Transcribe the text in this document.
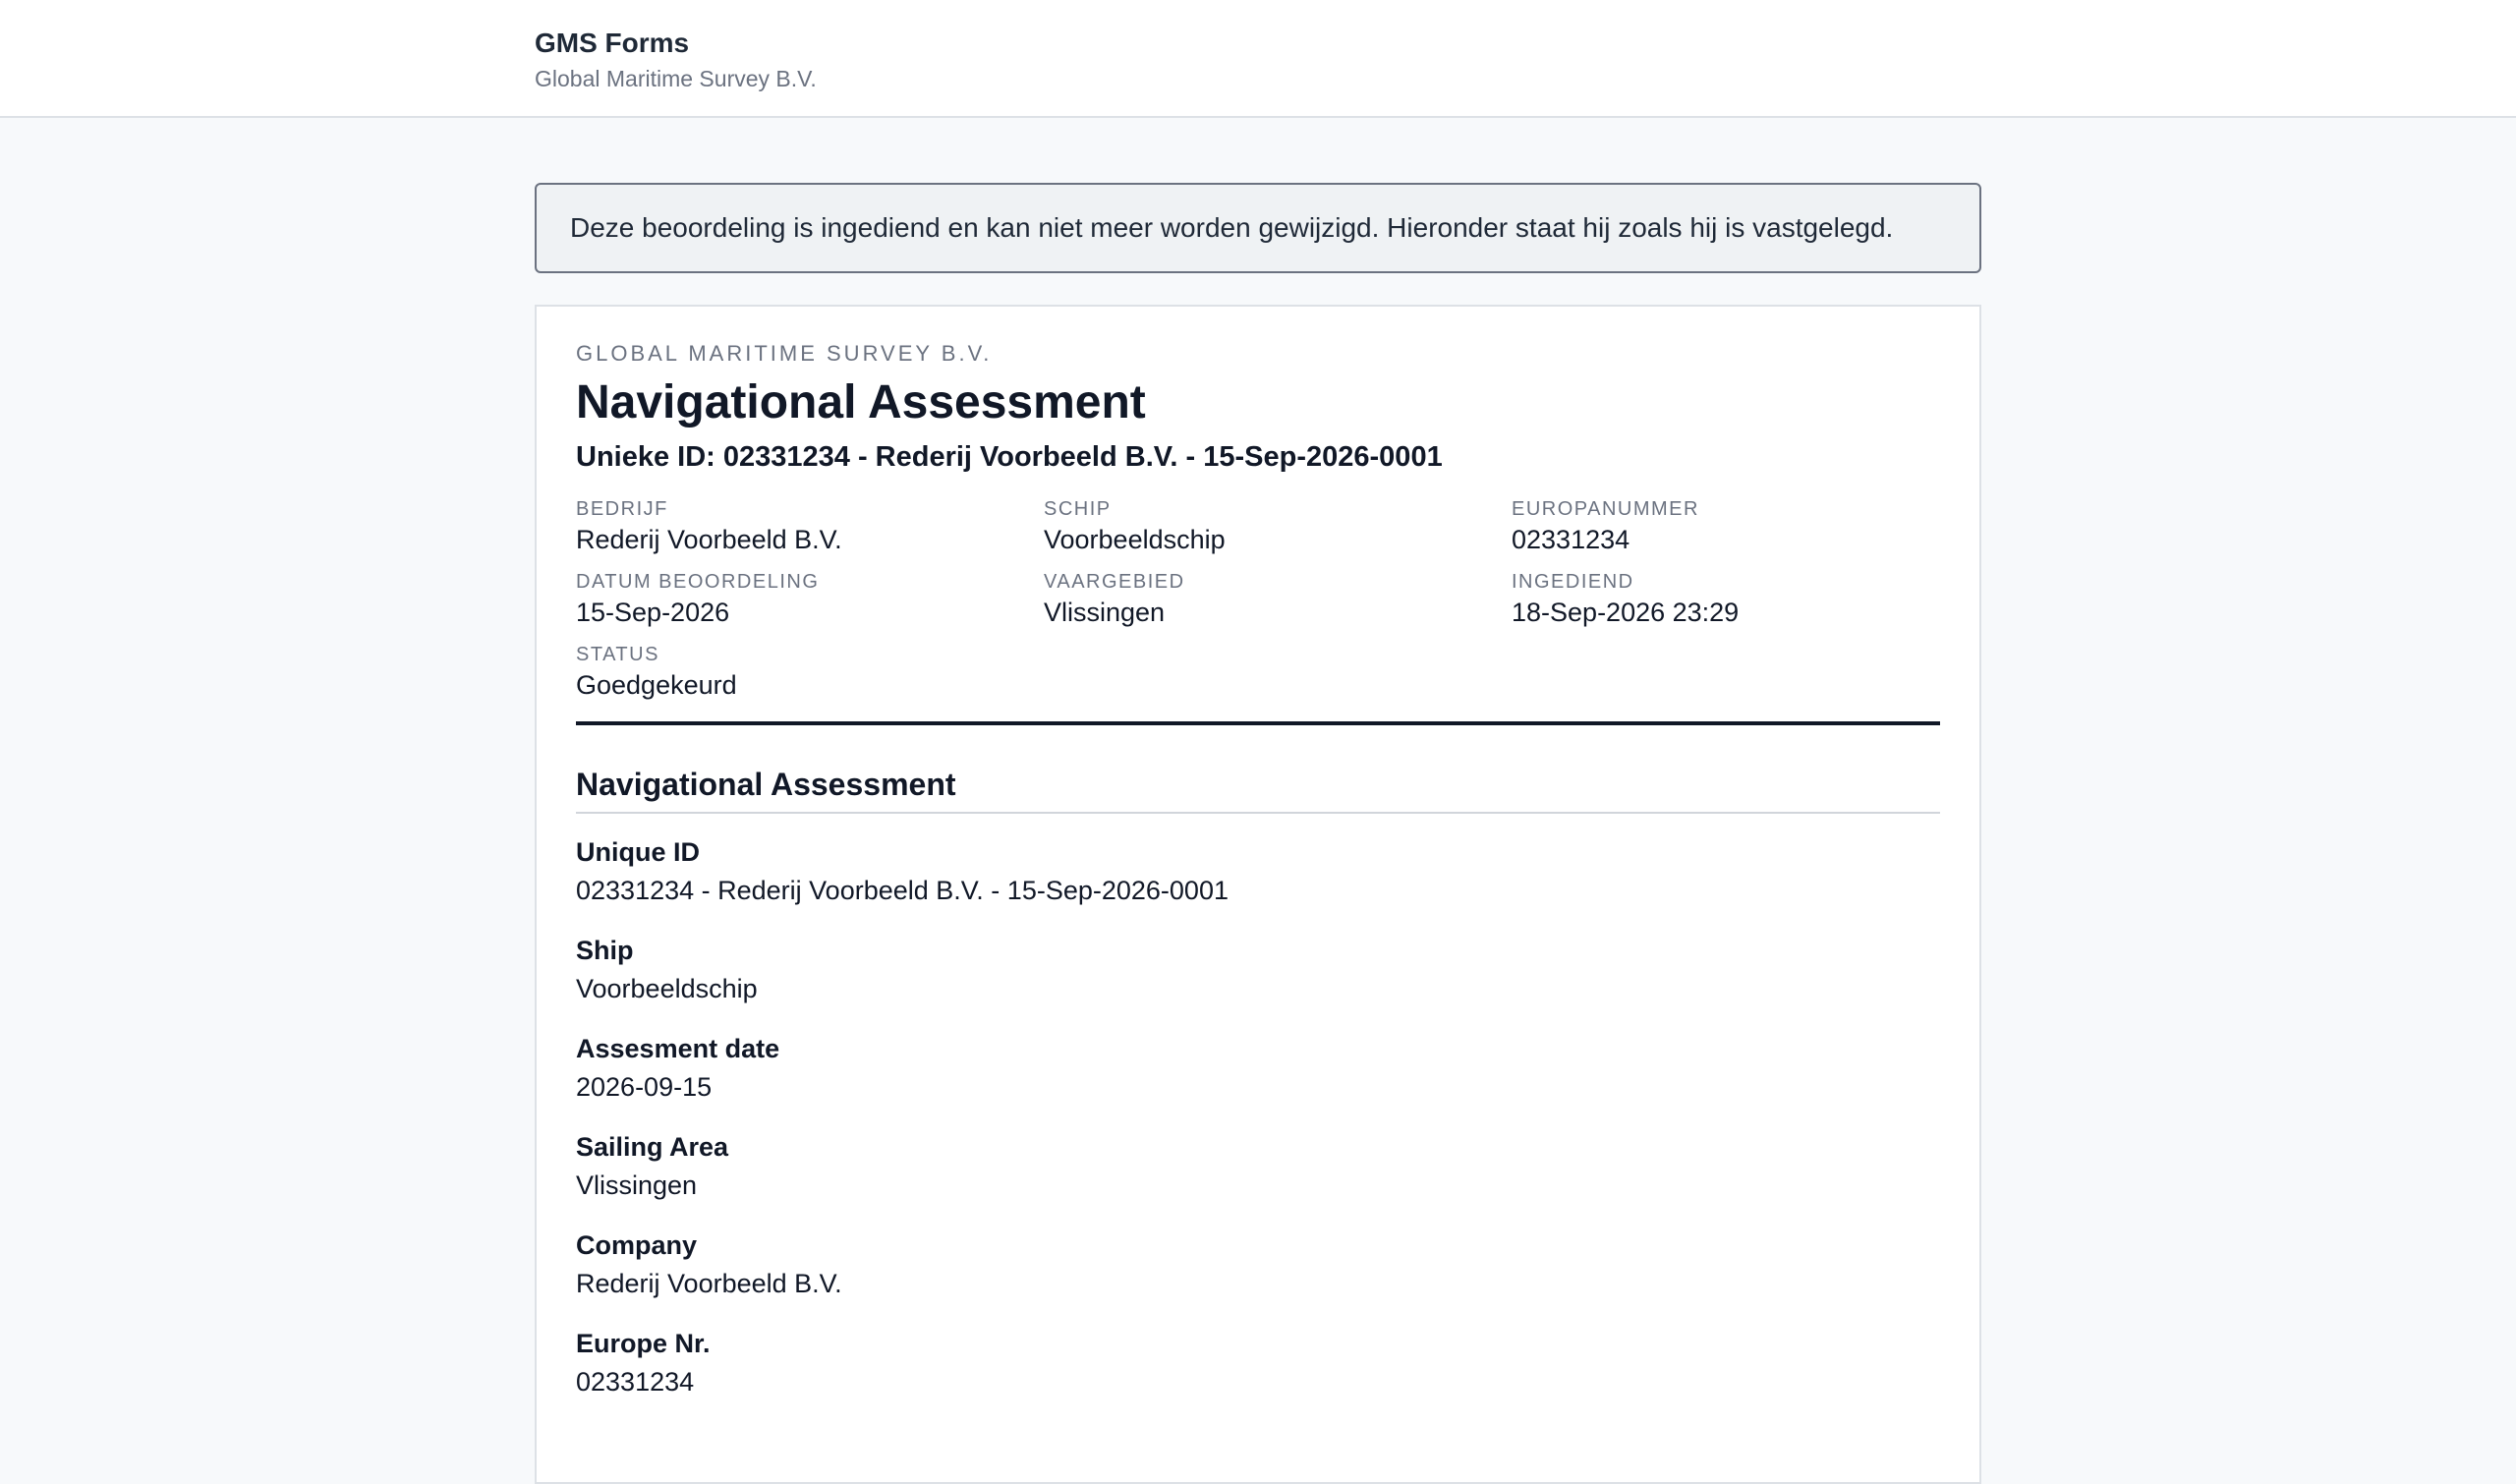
GMS Forms
Global Maritime Survey B.V.
Deze beoordeling is ingediend en kan niet meer worden gewijzigd. Hieronder staat hij zoals hij is vastgelegd.
GLOBAL MARITIME SURVEY B.V.
Navigational Assessment
Unieke ID: 02331234 - Rederij Voorbeeld B.V. - 15-Sep-2026-0001
BEDRIJF
Rederij Voorbeeld B.V.
SCHIP
Voorbeeldschip
EUROPANUMMER
02331234
DATUM BEOORDELING
15-Sep-2026
VAARGEBIED
Vlissingen
INGEDIEND
18-Sep-2026 23:29
STATUS
Goedgekeurd
Navigational Assessment
Unique ID
02331234 - Rederij Voorbeeld B.V. - 15-Sep-2026-0001
Ship
Voorbeeldschip
Assesment date
2026-09-15
Sailing Area
Vlissingen
Company
Rederij Voorbeeld B.V.
Europe Nr.
02331234
